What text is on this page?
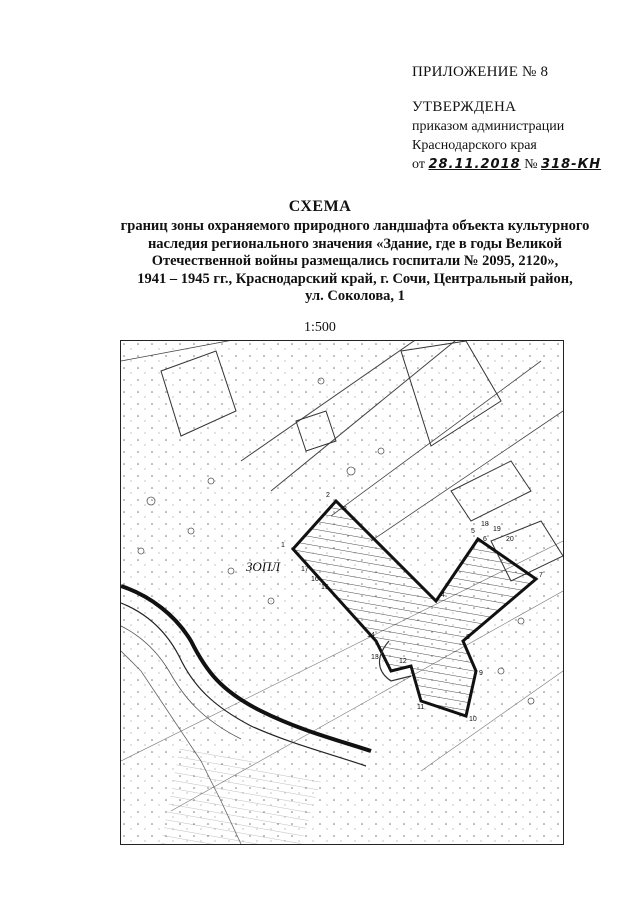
ПРИЛОЖЕНИЕ № 8
УТВЕРЖДЕНА
приказом администрации
Краснодарского края
от 28.11.2018 № 318-КН
СХЕМА
границ зоны охраняемого природного ландшафта объекта культурного
наследия регионального значения «Здание, где в годы Великой
Отечественной войны размещались госпитали № 2095, 2120»,
1941 – 1945 гг., Краснодарский край, г. Сочи, Центральный район,
ул. Соколова, 1
1:500
ЗОПЛ
1
2
3
4
5
6
7
8
9
10
11
12
13
14
15
16
17
18
19
20
